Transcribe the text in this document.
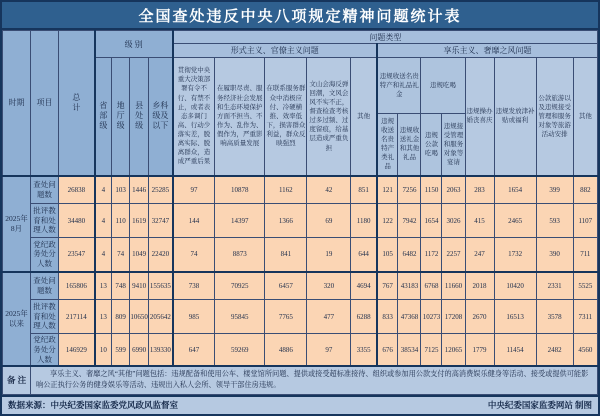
全国查处违反中央八项规定精神问题统计表
时期	项目	总计	级 别				问题类型												
							形式主义、官僚主义问题					享乐主义、奢靡之风问题							
			省部级	地厅级	县处级	乡科级及以下	贯彻党中央重大决策部署有令不行、有禁不止，或者表态多调门高、行动少落实差，脱离实际、脱离群众，造成严重后果	在履职尽责、服务经济社会发展和生态环境保护方面不担当、不作为、乱作为、假作为，严重影响高质量发展	在联系服务群众中消极应付、冷硬横推、效率低下，损害群众利益，群众反映强烈	文山会海反弹回潮，文风会风不实不正，督查检查考核过多过频、过度留痕，给基层造成严重负担	其他	违规收送名贵特产和礼品礼金		违规吃喝		违规操办婚丧喜庆	违规发放津补贴或福利	公款旅游以及违规接受管理和服务对象等旅游活动安排	其他
												违规收送名贵特产类礼品	违规收送礼金和其他礼品	违规公款吃喝	违规接受管理和服务对象等宴请				
2025年8月	查处问题数	26838	4	103	1446	25285	97	10878	1162	42	851	121	7256	1150	2063	283	1654	399	882
	批评教育和处理人数	34480	4	110	1619	32747	144	14397	1366	69	1180	122	7942	1654	3026	415	2465	593	1107
	党纪政务处分人数	23547	4	74	1049	22420	74	8873	841	19	644	105	6482	1172	2257	247	1732	390	711
2025年以来	查处问题数	165806	13	748	9410	155635	738	70925	6457	320	4694	767	43183	6768	11660	2018	10420	2331	5525
	批评教育和处理人数	217114	13	809	10650	205642	985	95845	7765	477	6288	833	47368	10273	17208	2670	16513	3578	7311
	党纪政务处分人数	146929	10	599	6990	139330	647	59269	4886	97	3355	676	38534	7125	12065	1779	11454	2482	4560
备 注	享乐主义、奢靡之风“其他”问题包括：违规配备和使用公车、楼堂馆所问题、提供或接受超标准接待、组织或参加用公款支付的高消费娱乐健身等活动、接受或提供可能影响公正执行公务的健身娱乐等活动、违规出入私人会所、领导干部住房违规。																		
数据来源：中央纪委国家监委党风政风监督室	中央纪委国家监委网站 制图
